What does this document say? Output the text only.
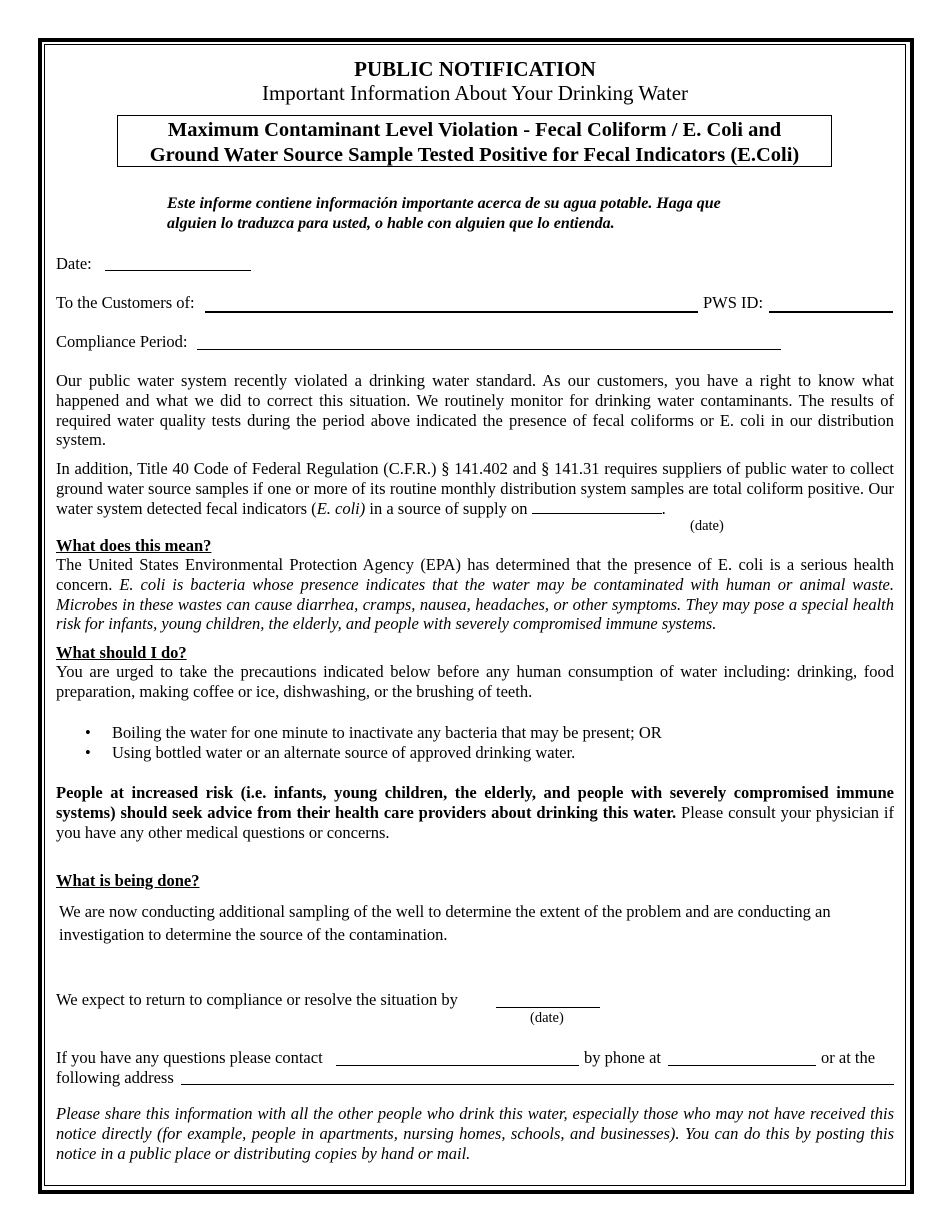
PUBLIC NOTIFICATION
Important Information About Your Drinking Water
Maximum Contaminant Level Violation - Fecal Coliform / E. Coli and
Ground Water Source Sample Tested Positive for Fecal Indicators (E.Coli)
Este informe contiene información importante acerca de su agua potable. Haga que
alguien lo traduzca para usted, o hable con alguien que lo entienda.
Date:
To the Customers of:	PWS ID:
Compliance Period:
Our public water system recently violated a drinking water standard. As our customers, you have a right to know what happened and what we did to correct this situation. We routinely monitor for drinking water contaminants. The results of required water quality tests during the period above indicated the presence of fecal coliforms or E. coli in our distribution system.
In addition, Title 40 Code of Federal Regulation (C.F.R.) § 141.402 and § 141.31 requires suppliers of public water to collect ground water source samples if one or more of its routine monthly distribution system samples are total coliform positive. Our water system detected fecal indicators (E. coli) in a source of supply on	.
(date)
What does this mean?
The United States Environmental Protection Agency (EPA) has determined that the presence of E. coli is a serious health concern. E. coli is bacteria whose presence indicates that the water may be contaminated with human or animal waste. Microbes in these wastes can cause diarrhea, cramps, nausea, headaches, or other symptoms. They may pose a special health risk for infants, young children, the elderly, and people with severely compromised immune systems.
What should I do?
You are urged to take the precautions indicated below before any human consumption of water including: drinking, food preparation, making coffee or ice, dishwashing, or the brushing of teeth.
• Boiling the water for one minute to inactivate any bacteria that may be present; OR
• Using bottled water or an alternate source of approved drinking water.
People at increased risk (i.e. infants, young children, the elderly, and people with severely compromised immune systems) should seek advice from their health care providers about drinking this water. Please consult your physician if you have any other medical questions or concerns.
What is being done?
We are now conducting additional sampling of the well to determine the extent of the problem and are conducting an investigation to determine the source of the contamination.
We expect to return to compliance or resolve the situation by
(date)
If you have any questions please contact	by phone at	or at the
following address
Please share this information with all the other people who drink this water, especially those who may not have received this notice directly (for example, people in apartments, nursing homes, schools, and businesses). You can do this by posting this notice in a public place or distributing copies by hand or mail.
